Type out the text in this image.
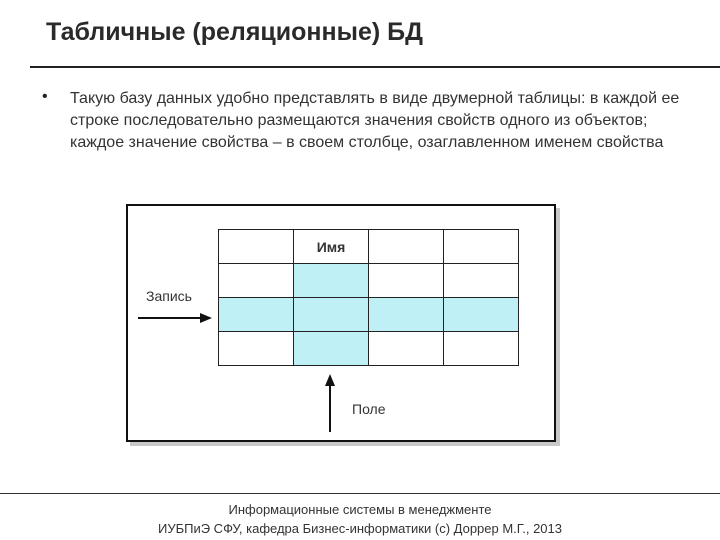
Табличные (реляционные) БД
• Такую базу данных удобно представлять в виде двумерной таблицы: в каждой ее строке последовательно размещаются значения свойств одного из объектов; каждое значение свойства – в своем столбце, озаглавленном именем свойства
	Имя		

Запись
Поле
Информационные системы в менеджменте
ИУБПиЭ СФУ, кафедра Бизнес-информатики (с) Доррер М.Г., 2013
